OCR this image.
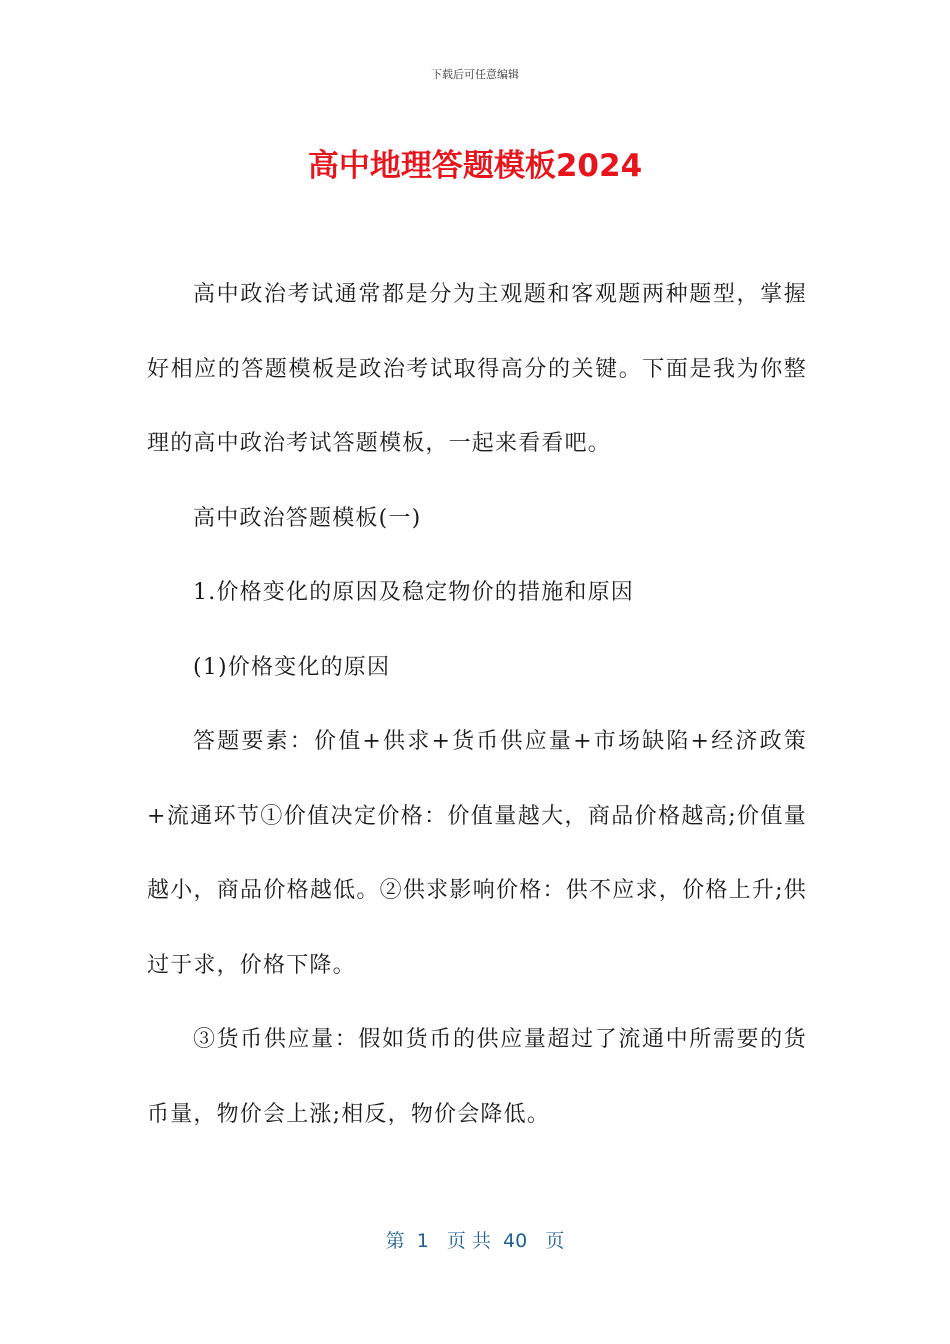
下载后可任意编辑
高中地理答题模板2024

高中政治考试通常都是分为主观题和客观题两种题型，掌握好相应的答题模板是政治考试取得高分的关键。下面是我为你整理的高中政治考试答题模板，一起来看看吧。

高中政治答题模板(一)

1.价格变化的原因及稳定物价的措施和原因

(1)价格变化的原因

答题要素：价值+供求+货币供应量+市场缺陷+经济政策+流通环节①价值决定价格：价值量越大，商品价格越高;价值量越小，商品价格越低。②供求影响价格：供不应求，价格上升;供过于求，价格下降。

③货币供应量：假如货币的供应量超过了流通中所需要的货币量，物价会上涨;相反，物价会降低。

第  1   页 共  40   页
